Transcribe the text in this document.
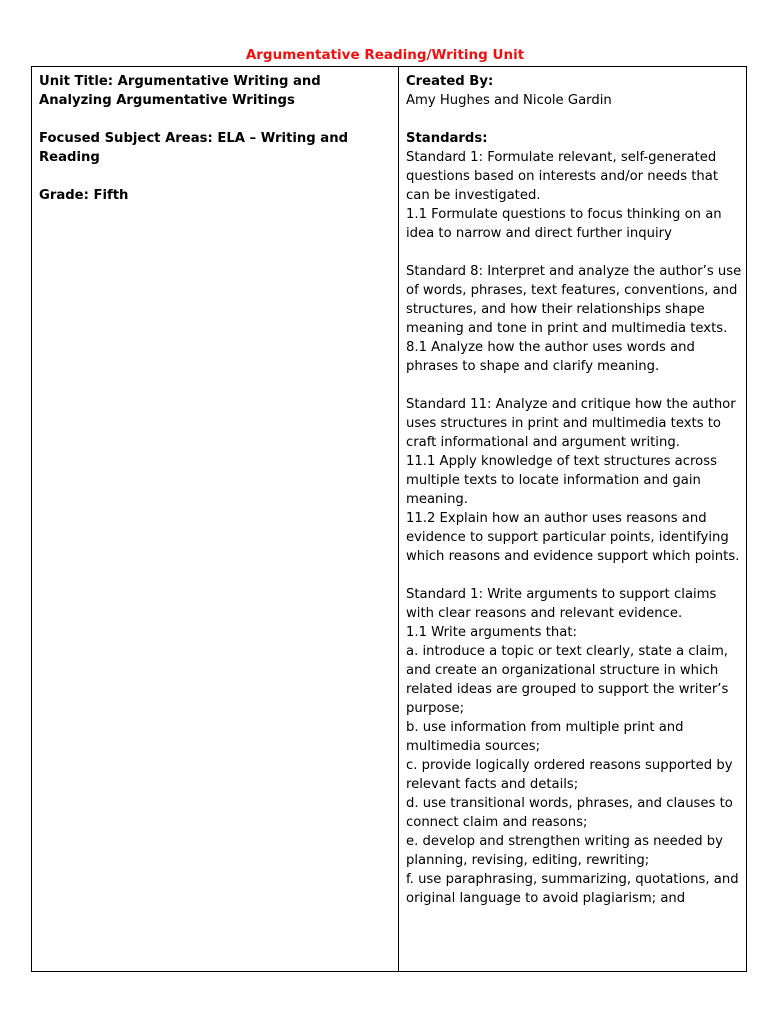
Argumentative Reading/Writing Unit

Unit Title: Argumentative Writing and Analyzing Argumentative Writings

Focused Subject Areas: ELA – Writing and Reading

Grade: Fifth

Created By:

Amy Hughes and Nicole Gardin

Standards:

Standard 1: Formulate relevant, self-generated questions based on interests and/or needs that can be investigated.

1.1 Formulate questions to focus thinking on an idea to narrow and direct further inquiry

Standard 8: Interpret and analyze the author’s use of words, phrases, text features, conventions, and structures, and how their relationships shape meaning and tone in print and multimedia texts.

8.1 Analyze how the author uses words and phrases to shape and clarify meaning.

Standard 11: Analyze and critique how the author uses structures in print and multimedia texts to craft informational and argument writing.

11.1 Apply knowledge of text structures across multiple texts to locate information and gain meaning.

11.2 Explain how an author uses reasons and evidence to support particular points, identifying which reasons and evidence support which points.

Standard 1: Write arguments to support claims with clear reasons and relevant evidence.

1.1 Write arguments that:

a. introduce a topic or text clearly, state a claim, and create an organizational structure in which related ideas are grouped to support the writer’s purpose;

b. use information from multiple print and multimedia sources;

c. provide logically ordered reasons supported by relevant facts and details;

d. use transitional words, phrases, and clauses to connect claim and reasons;

e. develop and strengthen writing as needed by planning, revising, editing, rewriting;

f. use paraphrasing, summarizing, quotations, and original language to avoid plagiarism; and
